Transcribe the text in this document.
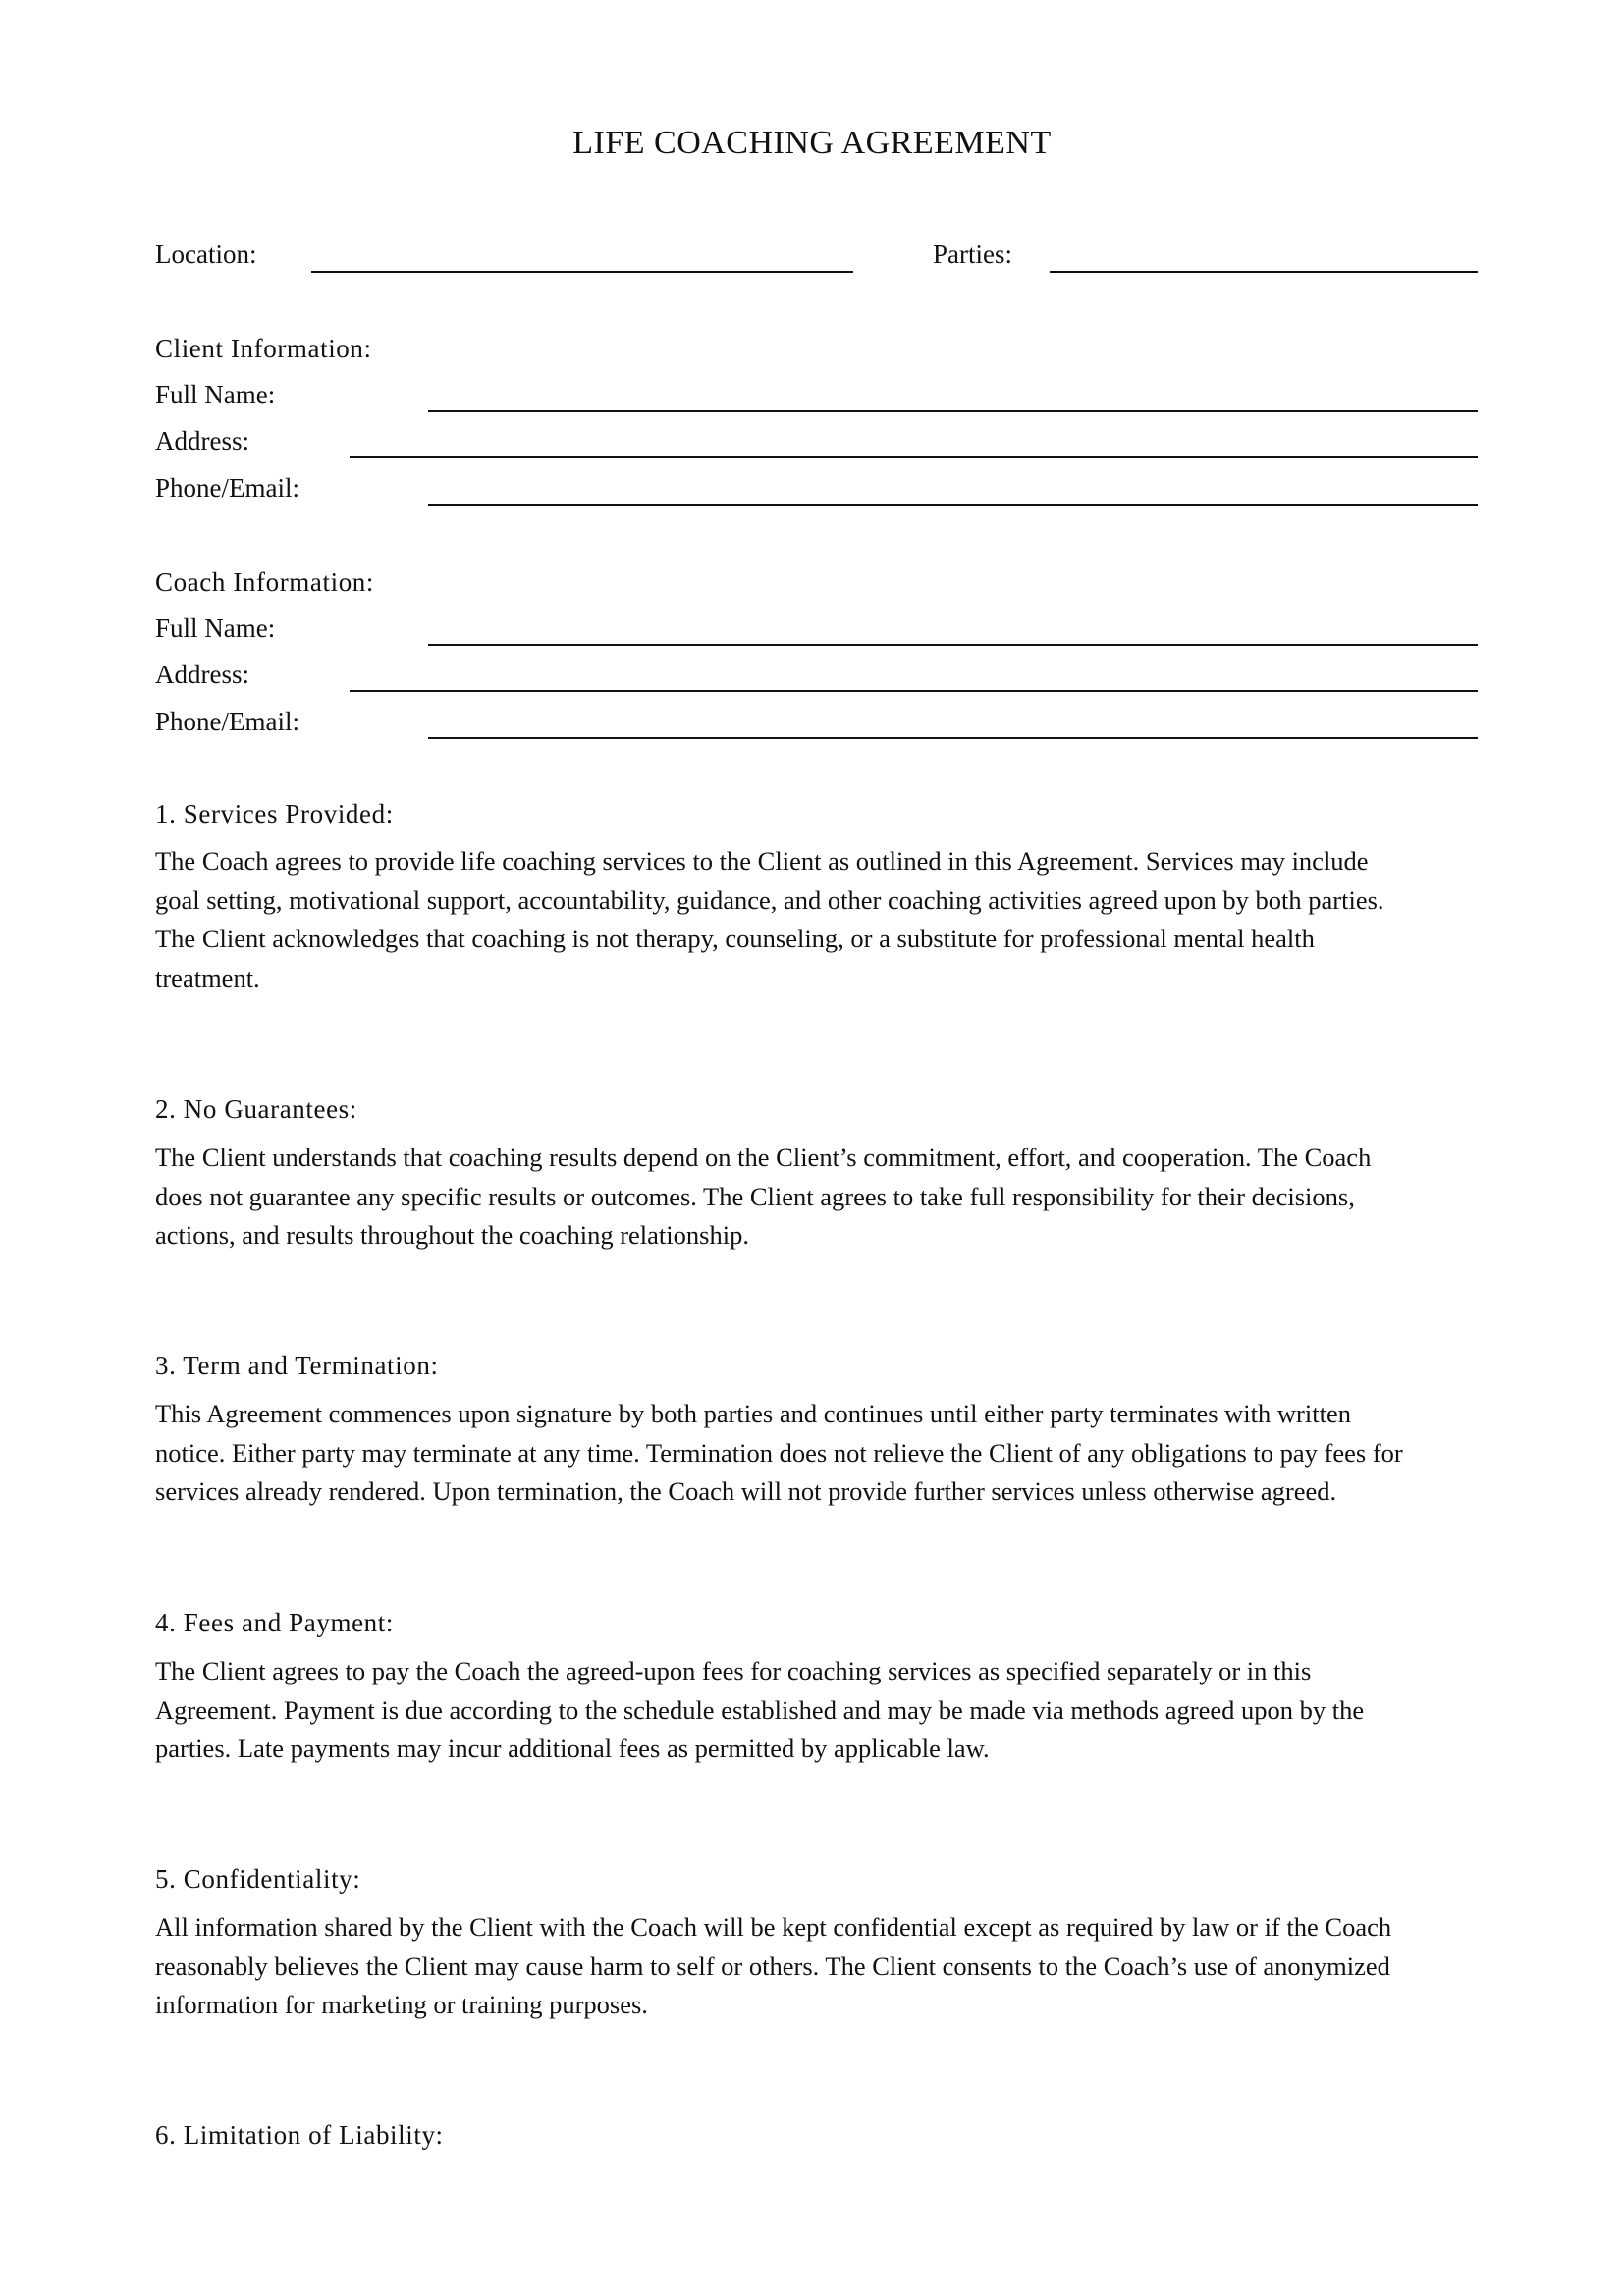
LIFE COACHING AGREEMENT
Location:	Parties:
Client Information:
Full Name:
Address:
Phone/Email:
Coach Information:
Full Name:
Address:
Phone/Email:
1. Services Provided:
The Coach agrees to provide life coaching services to the Client as outlined in this Agreement. Services may include
goal setting, motivational support, accountability, guidance, and other coaching activities agreed upon by both parties.
The Client acknowledges that coaching is not therapy, counseling, or a substitute for professional mental health
treatment.
2. No Guarantees:
The Client understands that coaching results depend on the Client’s commitment, effort, and cooperation. The Coach
does not guarantee any specific results or outcomes. The Client agrees to take full responsibility for their decisions,
actions, and results throughout the coaching relationship.
3. Term and Termination:
This Agreement commences upon signature by both parties and continues until either party terminates with written
notice. Either party may terminate at any time. Termination does not relieve the Client of any obligations to pay fees for
services already rendered. Upon termination, the Coach will not provide further services unless otherwise agreed.
4. Fees and Payment:
The Client agrees to pay the Coach the agreed-upon fees for coaching services as specified separately or in this
Agreement. Payment is due according to the schedule established and may be made via methods agreed upon by the
parties. Late payments may incur additional fees as permitted by applicable law.
5. Confidentiality:
All information shared by the Client with the Coach will be kept confidential except as required by law or if the Coach
reasonably believes the Client may cause harm to self or others. The Client consents to the Coach’s use of anonymized
information for marketing or training purposes.
6. Limitation of Liability:
